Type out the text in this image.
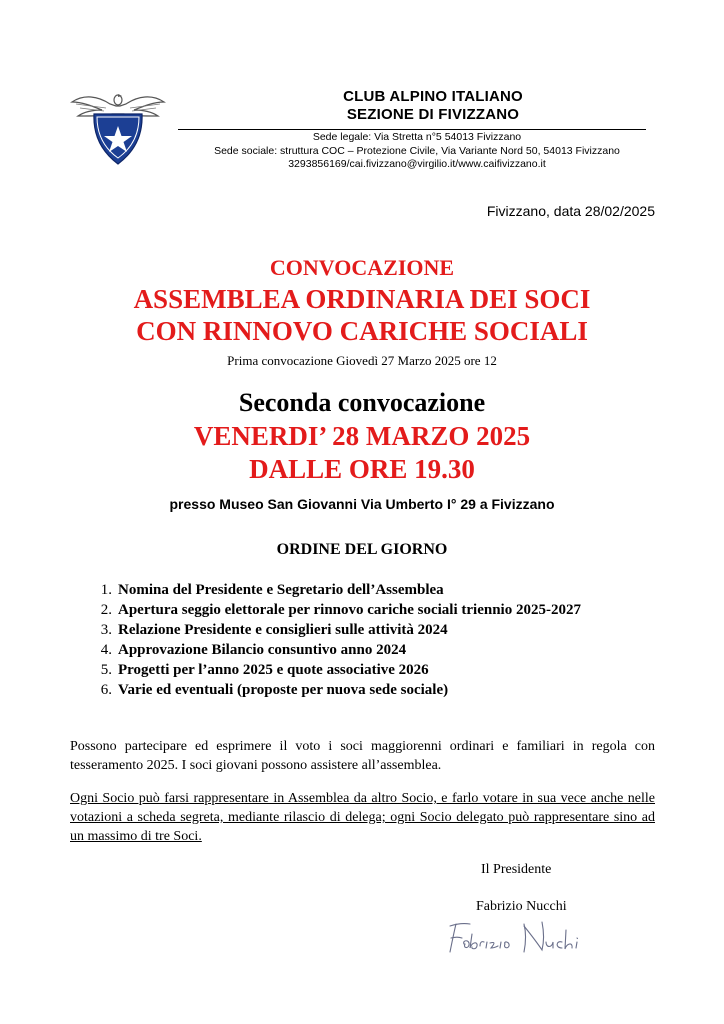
CLUB ALPINO ITALIANO
SEZIONE DI FIVIZZANO
Sede legale: Via Stretta n°5 54013 Fivizzano
Sede sociale: struttura COC – Protezione Civile, Via Variante Nord 50, 54013 Fivizzano
3293856169/cai.fivizzano@virgilio.it/www.caifivizzano.it
Fivizzano, data 28/02/2025
CONVOCAZIONE
ASSEMBLEA ORDINARIA DEI SOCI
CON RINNOVO CARICHE SOCIALI
Prima convocazione Giovedì 27 Marzo 2025 ore 12
Seconda convocazione
VENERDI’ 28 MARZO 2025
DALLE ORE 19.30
presso Museo San Giovanni Via Umberto I° 29 a Fivizzano
ORDINE DEL GIORNO
1. Nomina del Presidente e Segretario dell’Assemblea
2. Apertura seggio elettorale per rinnovo cariche sociali triennio 2025-2027
3. Relazione Presidente e consiglieri sulle attività 2024
4. Approvazione Bilancio consuntivo anno 2024
5. Progetti per l’anno 2025 e quote associative 2026
6. Varie ed eventuali (proposte per nuova sede sociale)
Possono partecipare ed esprimere il voto i soci maggiorenni ordinari e familiari in regola con tesseramento 2025. I soci giovani possono assistere all’assemblea.
Ogni Socio può farsi rappresentare in Assemblea da altro Socio, e farlo votare in sua vece anche nelle votazioni a scheda segreta, mediante rilascio di delega; ogni Socio delegato può rappresentare sino ad un massimo di tre Soci.
Il Presidente
Fabrizio Nucchi
